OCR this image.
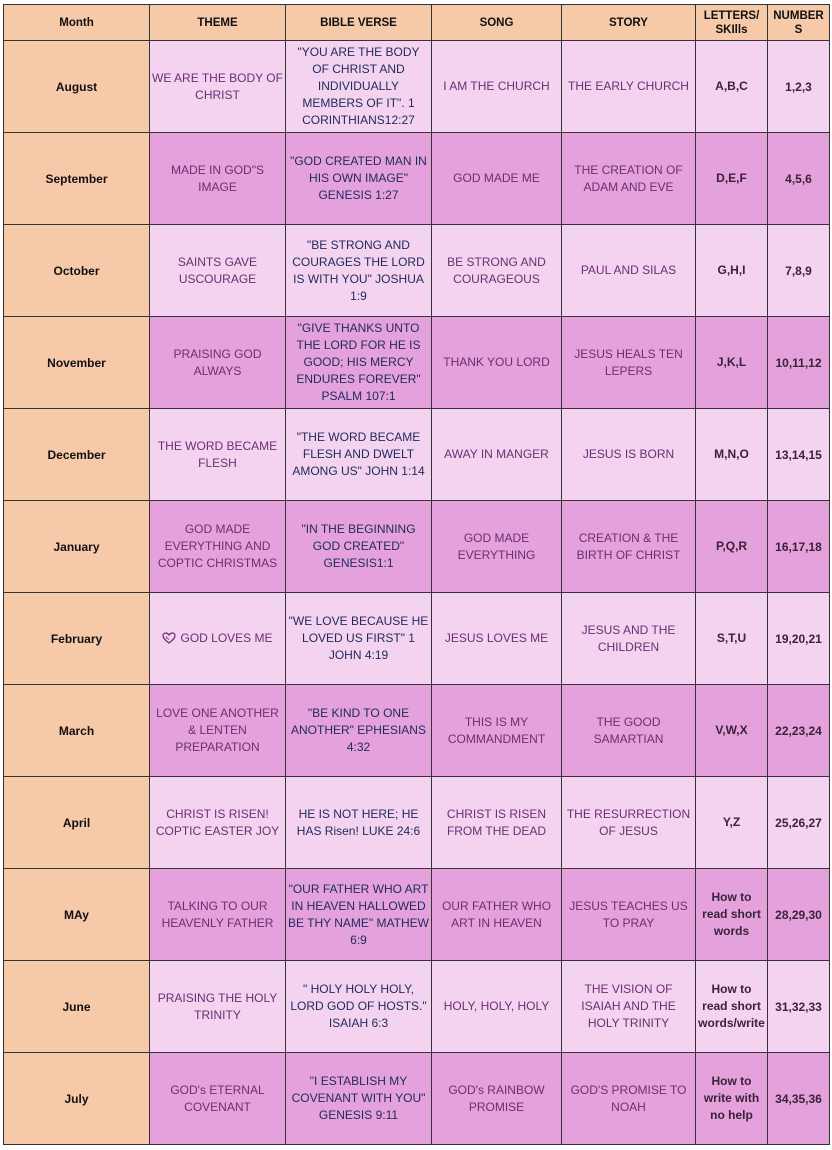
Month	THEME	BIBLE VERSE	SONG	STORY	LETTERS/ SKIlls	NUMBERS
August	WE ARE THE BODY OF CHRIST	"YOU ARE THE BODY OF CHRIST AND INDIVIDUALLY MEMBERS OF IT". 1 CORINTHIANS12:27	I AM THE CHURCH	THE EARLY CHURCH	A,B,C	1,2,3
September	MADE IN GOD"S IMAGE	"GOD CREATED MAN IN HIS OWN IMAGE" GENESIS 1:27	GOD MADE ME	THE CREATION OF ADAM AND EVE	D,E,F	4,5,6
October	SAINTS GAVE USCOURAGE	"BE STRONG AND COURAGES THE LORD IS WITH YOU" JOSHUA 1:9	BE STRONG AND COURAGEOUS	PAUL AND SILAS	G,H,I	7,8,9
November	PRAISING GOD ALWAYS	"GIVE THANKS UNTO THE LORD FOR HE IS GOOD; HIS MERCY ENDURES FOREVER" PSALM 107:1	THANK YOU LORD	JESUS HEALS TEN LEPERS	J,K,L	10,11,12
December	THE WORD BECAME FLESH	"THE WORD BECAME FLESH AND DWELT AMONG US" JOHN 1:14	AWAY IN MANGER	JESUS IS BORN	M,N,O	13,14,15
January	GOD MADE EVERYTHING AND COPTIC CHRISTMAS	"IN THE BEGINNING GOD CREATED" GENESIS1:1	GOD MADE EVERYTHING	CREATION & THE BIRTH OF CHRIST	P,Q,R	16,17,18
February	GOD LOVES ME	"WE LOVE BECAUSE HE LOVED US FIRST" 1 JOHN 4:19	JESUS LOVES ME	JESUS AND THE CHILDREN	S,T,U	19,20,21
March	LOVE ONE ANOTHER & LENTEN PREPARATION	"BE KIND TO ONE ANOTHER" EPHESIANS 4:32	THIS IS MY COMMANDMENT	THE GOOD SAMARTIAN	V,W,X	22,23,24
April	CHRIST IS RISEN! COPTIC EASTER JOY	HE IS NOT HERE; HE HAS Risen! LUKE 24:6	CHRIST IS RISEN FROM THE DEAD	THE RESURRECTION OF JESUS	Y,Z	25,26,27
MAy	TALKING TO OUR HEAVENLY FATHER	"OUR FATHER WHO ART IN HEAVEN HALLOWED BE THY NAME" MATHEW 6:9	OUR FATHER WHO ART IN HEAVEN	JESUS TEACHES US TO PRAY	How to read short words	28,29,30
June	PRAISING THE HOLY TRINITY	" HOLY HOLY HOLY, LORD GOD OF HOSTS." ISAIAH 6:3	HOLY, HOLY, HOLY	THE VISION OF ISAIAH AND THE HOLY TRINITY	How to read short words/write	31,32,33
July	GOD's ETERNAL COVENANT	"I ESTABLISH MY COVENANT WITH YOU" GENESIS 9:11	GOD's RAINBOW PROMISE	GOD'S PROMISE TO NOAH	How to write with no help	34,35,36
